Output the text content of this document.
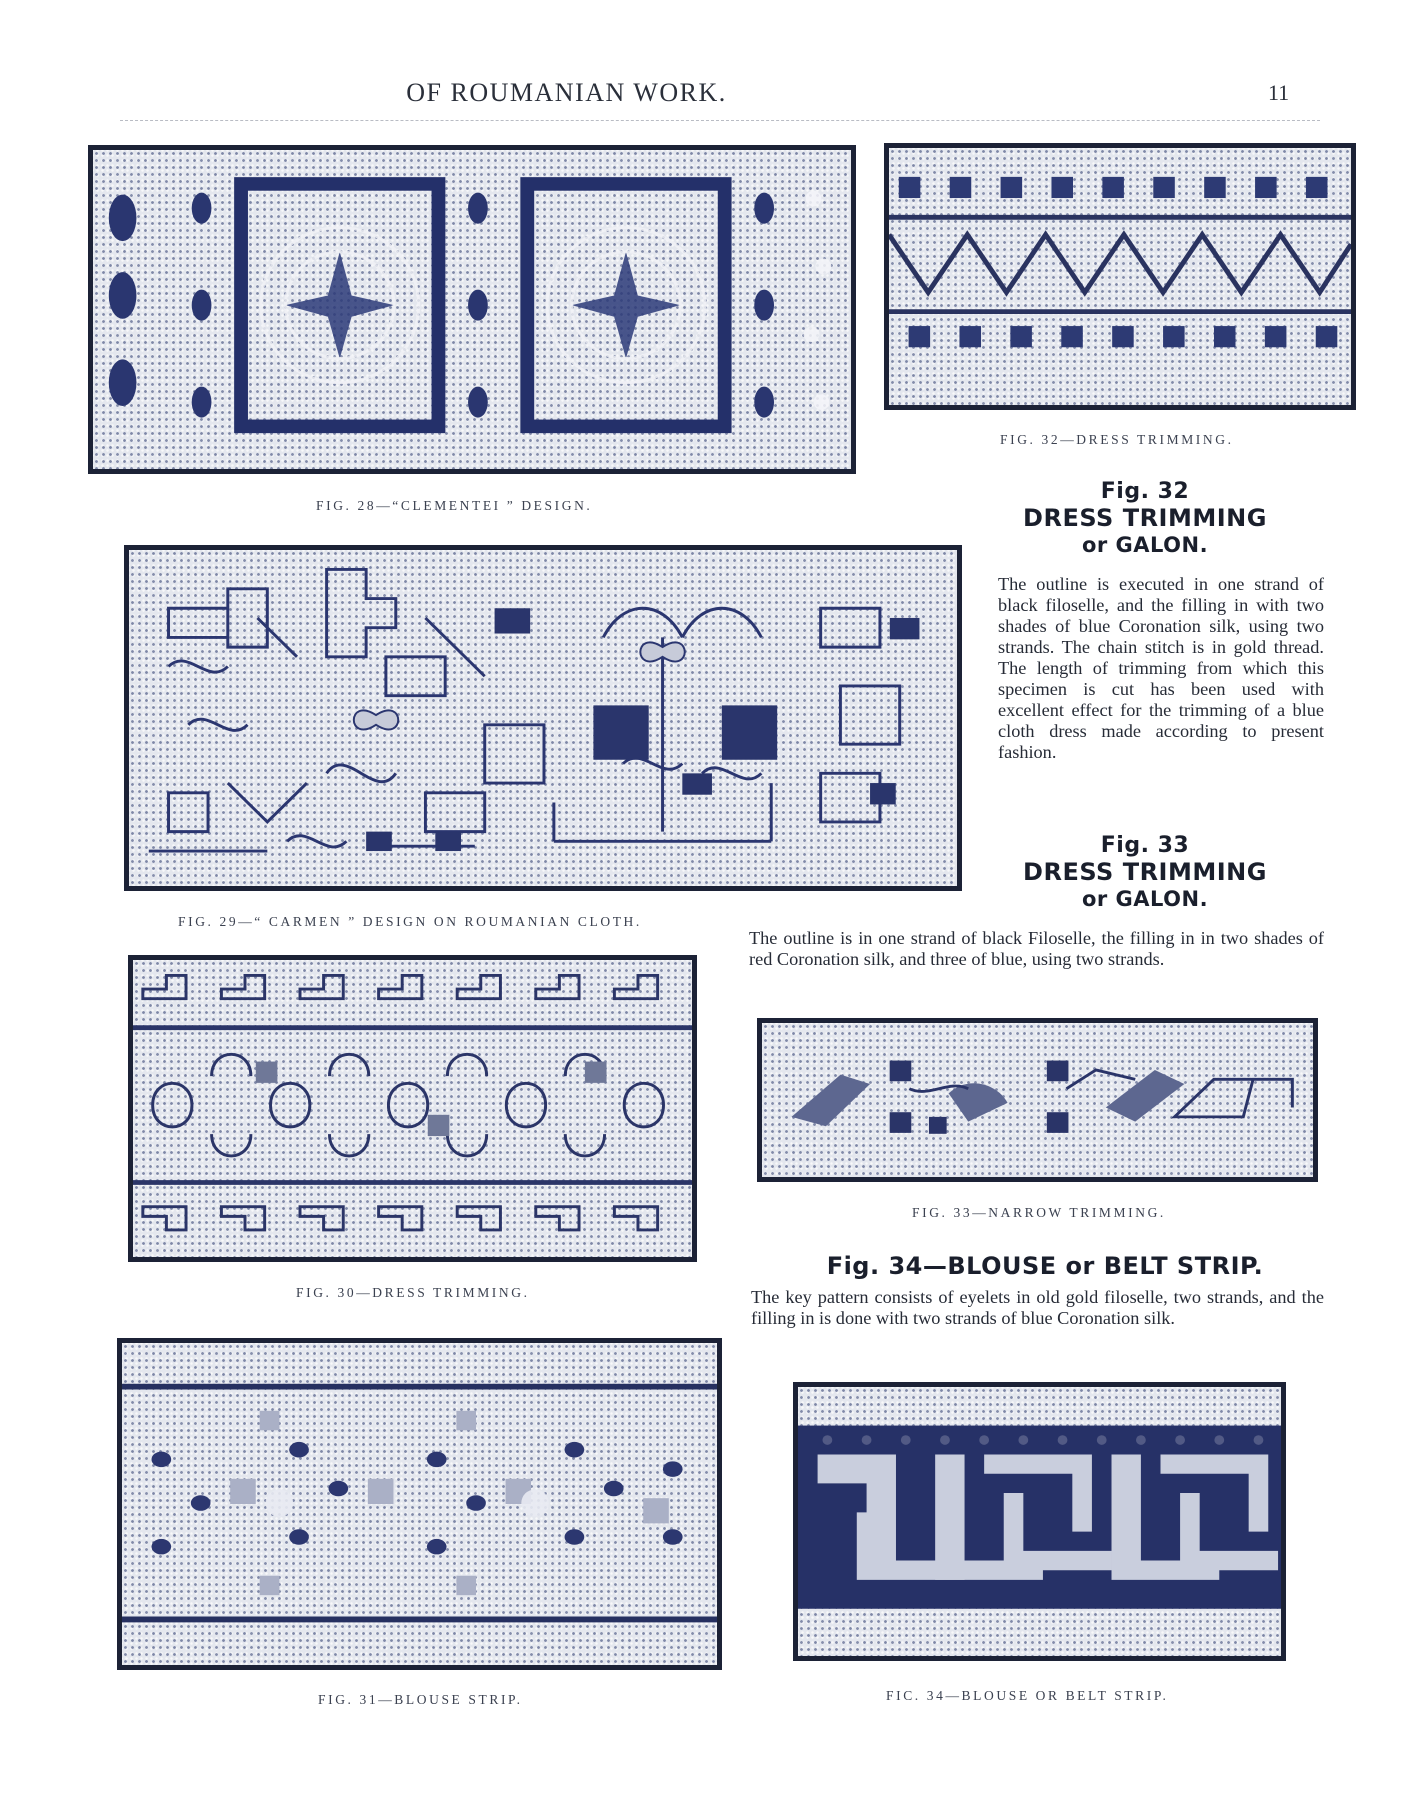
OF ROUMANIAN WORK.	11
FIG. 28—“CLEMENTEI ” DESIGN.
FIG. 32—DRESS TRIMMING.
Fig. 32
DRESS TRIMMING
or GALON.
The outline is executed in one strand of black filoselle, and the filling in with two shades of blue Coronation silk, using two strands. The chain stitch is in gold thread. The length of trimming from which this specimen is cut has been used with excellent effect for the trimming of a blue cloth dress made according to present fashion.
FIG. 29—“ CARMEN ” DESIGN ON ROUMANIAN CLOTH.
Fig. 33
DRESS TRIMMING
or GALON.
The outline is in one strand of black Filoselle, the filling in in two shades of red Coronation silk, and three of blue, using two strands.
FIG. 30—DRESS TRIMMING.
FIG. 33—NARROW TRIMMING.
Fig. 34—BLOUSE or BELT STRIP.
The key pattern consists of eyelets in old gold filoselle, two strands, and the filling in is done with two strands of blue Coronation silk.
FIG. 31—BLOUSE STRIP.	FIC. 34—BLOUSE OR BELT STRIP.
